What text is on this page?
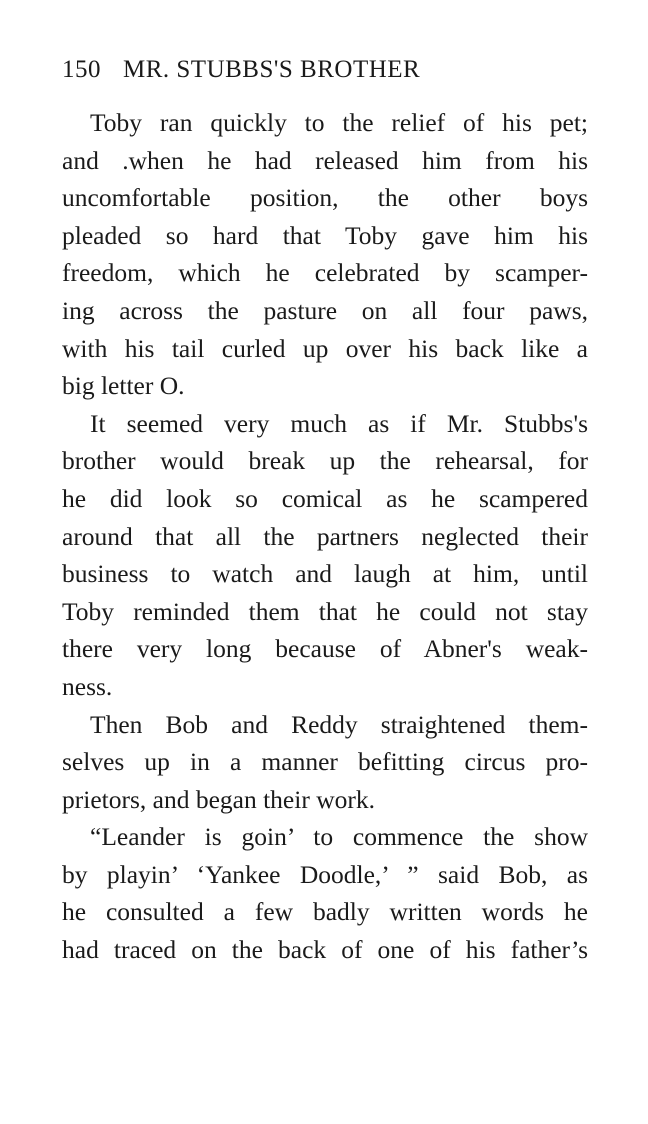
150 MR. STUBBS'S BROTHER
Toby ran quickly to the relief of his pet;
and .when he had released him from his
uncomfortable position, the other boys
pleaded so hard that Toby gave him his
freedom, which he celebrated by scamper-
ing across the pasture on all four paws,
with his tail curled up over his back like a
big letter O.
It seemed very much as if Mr. Stubbs's
brother would break up the rehearsal, for
he did look so comical as he scampered
around that all the partners neglected their
business to watch and laugh at him, until
Toby reminded them that he could not stay
there very long because of Abner's weak-
ness.
Then Bob and Reddy straightened them-
selves up in a manner befitting circus pro-
prietors, and began their work.
“Leander is goin’ to commence the show
by playin’ ‘Yankee Doodle,’ ” said Bob, as
he consulted a few badly written words he
had traced on the back of one of his father’s
